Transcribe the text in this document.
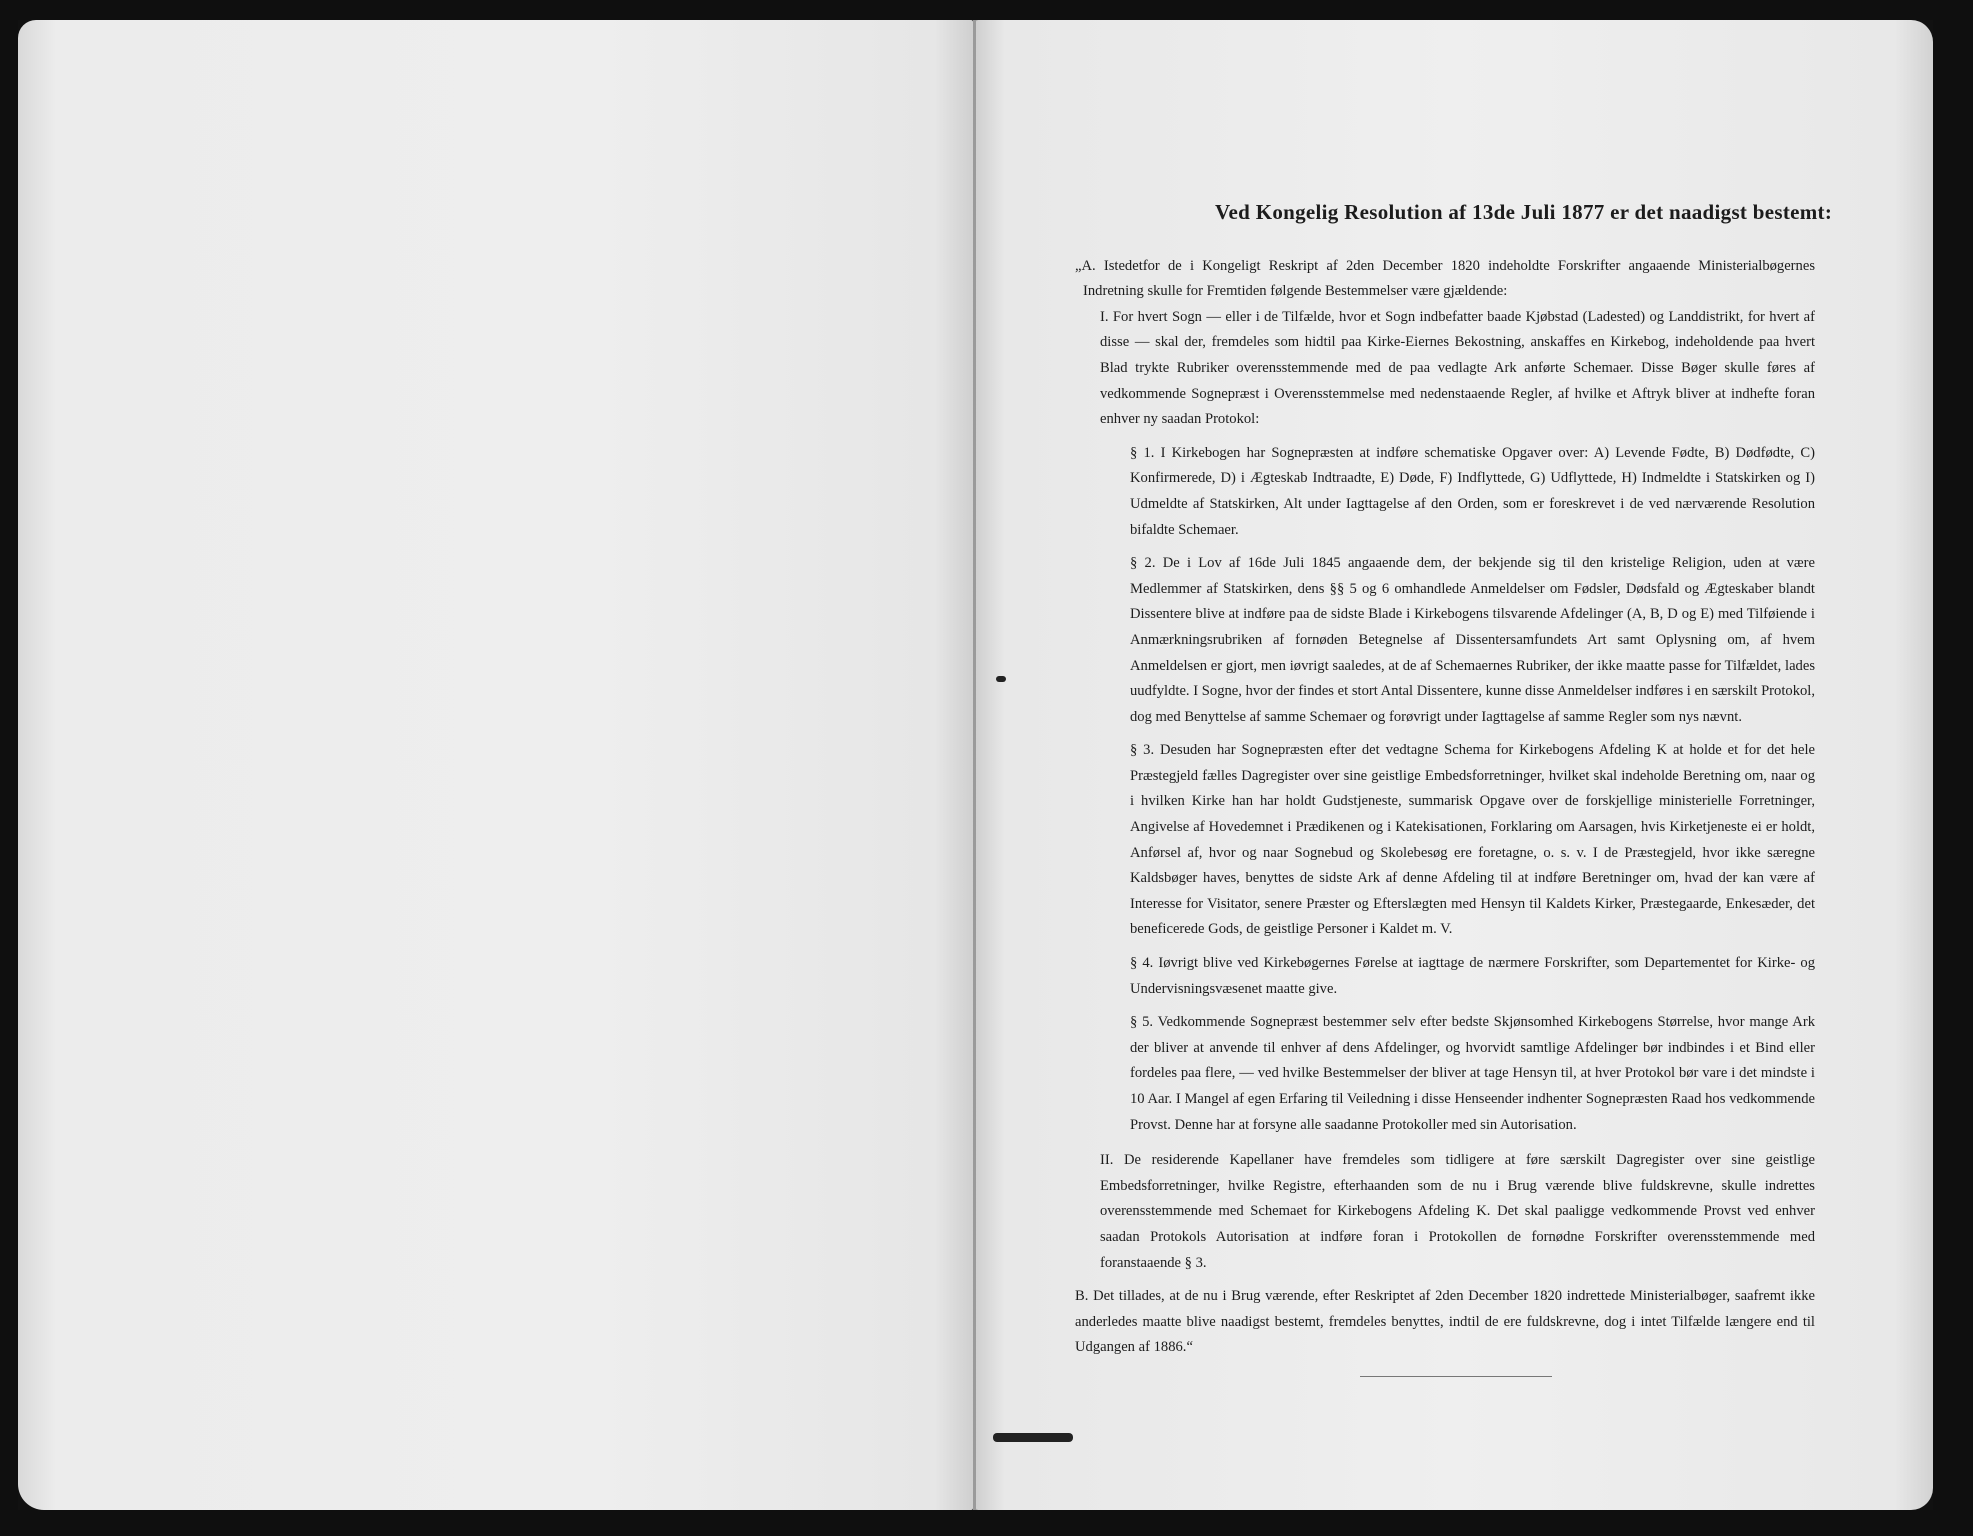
Ved Kongelig Resolution af 13de Juli 1877 er det naadigst bestemt:

„A. Istedetfor de i Kongeligt Reskript af 2den December 1820 indeholdte Forskrifter angaaende Ministerialbøgernes Indretning skulle for Fremtiden følgende Bestemmelser være gjældende:

I. For hvert Sogn — eller i de Tilfælde, hvor et Sogn indbefatter baade Kjøbstad (Ladested) og Landdistrikt, for hvert af disse — skal der, fremdeles som hidtil paa Kirke-Eiernes Bekostning, anskaffes en Kirkebog, indeholdende paa hvert Blad trykte Rubriker overensstemmende med de paa vedlagte Ark anførte Schemaer. Disse Bøger skulle føres af vedkommende Sognepræst i Overensstemmelse med nedenstaaende Regler, af hvilke et Aftryk bliver at indhefte foran enhver ny saadan Protokol:

§ 1. I Kirkebogen har Sognepræsten at indføre schematiske Opgaver over: A) Levende Fødte, B) Dødfødte, C) Konfirmerede, D) i Ægteskab Indtraadte, E) Døde, F) Indflyttede, G) Udflyttede, H) Indmeldte i Statskirken og I) Udmeldte af Statskirken, Alt under Iagttagelse af den Orden, som er foreskrevet i de ved nærværende Resolution bifaldte Schemaer.

§ 2. De i Lov af 16de Juli 1845 angaaende dem, der bekjende sig til den kristelige Religion, uden at være Medlemmer af Statskirken, dens §§ 5 og 6 omhandlede Anmeldelser om Fødsler, Dødsfald og Ægteskaber blandt Dissentere blive at indføre paa de sidste Blade i Kirkebogens tilsvarende Afdelinger (A, B, D og E) med Tilføiende i Anmærkningsrubriken af fornøden Betegnelse af Dissentersamfundets Art samt Oplysning om, af hvem Anmeldelsen er gjort, men iøvrigt saaledes, at de af Schemaernes Rubriker, der ikke maatte passe for Tilfældet, lades uudfyldte. I Sogne, hvor der findes et stort Antal Dissentere, kunne disse Anmeldelser indføres i en særskilt Protokol, dog med Benyttelse af samme Schemaer og forøvrigt under Iagttagelse af samme Regler som nys nævnt.

§ 3. Desuden har Sognepræsten efter det vedtagne Schema for Kirkebogens Afdeling K at holde et for det hele Præstegjeld fælles Dagregister over sine geistlige Embedsforretninger, hvilket skal indeholde Beretning om, naar og i hvilken Kirke han har holdt Gudstjeneste, summarisk Opgave over de forskjellige ministerielle Forretninger, Angivelse af Hovedemnet i Prædikenen og i Katekisationen, Forklaring om Aarsagen, hvis Kirketjeneste ei er holdt, Anførsel af, hvor og naar Sognebud og Skolebesøg ere foretagne, o. s. v. I de Præstegjeld, hvor ikke særegne Kaldsbøger haves, benyttes de sidste Ark af denne Afdeling til at indføre Beretninger om, hvad der kan være af Interesse for Visitator, senere Præster og Efterslægten med Hensyn til Kaldets Kirker, Præstegaarde, Enkesæder, det beneficerede Gods, de geistlige Personer i Kaldet m. V.

§ 4. Iøvrigt blive ved Kirkebøgernes Førelse at iagttage de nærmere Forskrifter, som Departementet for Kirke- og Undervisningsvæsenet maatte give.

§ 5. Vedkommende Sognepræst bestemmer selv efter bedste Skjønsomhed Kirkebogens Størrelse, hvor mange Ark der bliver at anvende til enhver af dens Afdelinger, og hvorvidt samtlige Afdelinger bør indbindes i et Bind eller fordeles paa flere, — ved hvilke Bestemmelser der bliver at tage Hensyn til, at hver Protokol bør vare i det mindste i 10 Aar. I Mangel af egen Erfaring til Veiledning i disse Henseender indhenter Sognepræsten Raad hos vedkommende Provst. Denne har at forsyne alle saadanne Protokoller med sin Autorisation.

II. De residerende Kapellaner have fremdeles som tidligere at føre særskilt Dagregister over sine geistlige Embedsforretninger, hvilke Registre, efterhaanden som de nu i Brug værende blive fuldskrevne, skulle indrettes overensstemmende med Schemaet for Kirkebogens Afdeling K. Det skal paaligge vedkommende Provst ved enhver saadan Protokols Autorisation at indføre foran i Protokollen de fornødne Forskrifter overensstemmende med foranstaaende § 3.

B. Det tillades, at de nu i Brug værende, efter Reskriptet af 2den December 1820 indrettede Ministerialbøger, saafremt ikke anderledes maatte blive naadigst bestemt, fremdeles benyttes, indtil de ere fuldskrevne, dog i intet Tilfælde længere end til Udgangen af 1886.“
